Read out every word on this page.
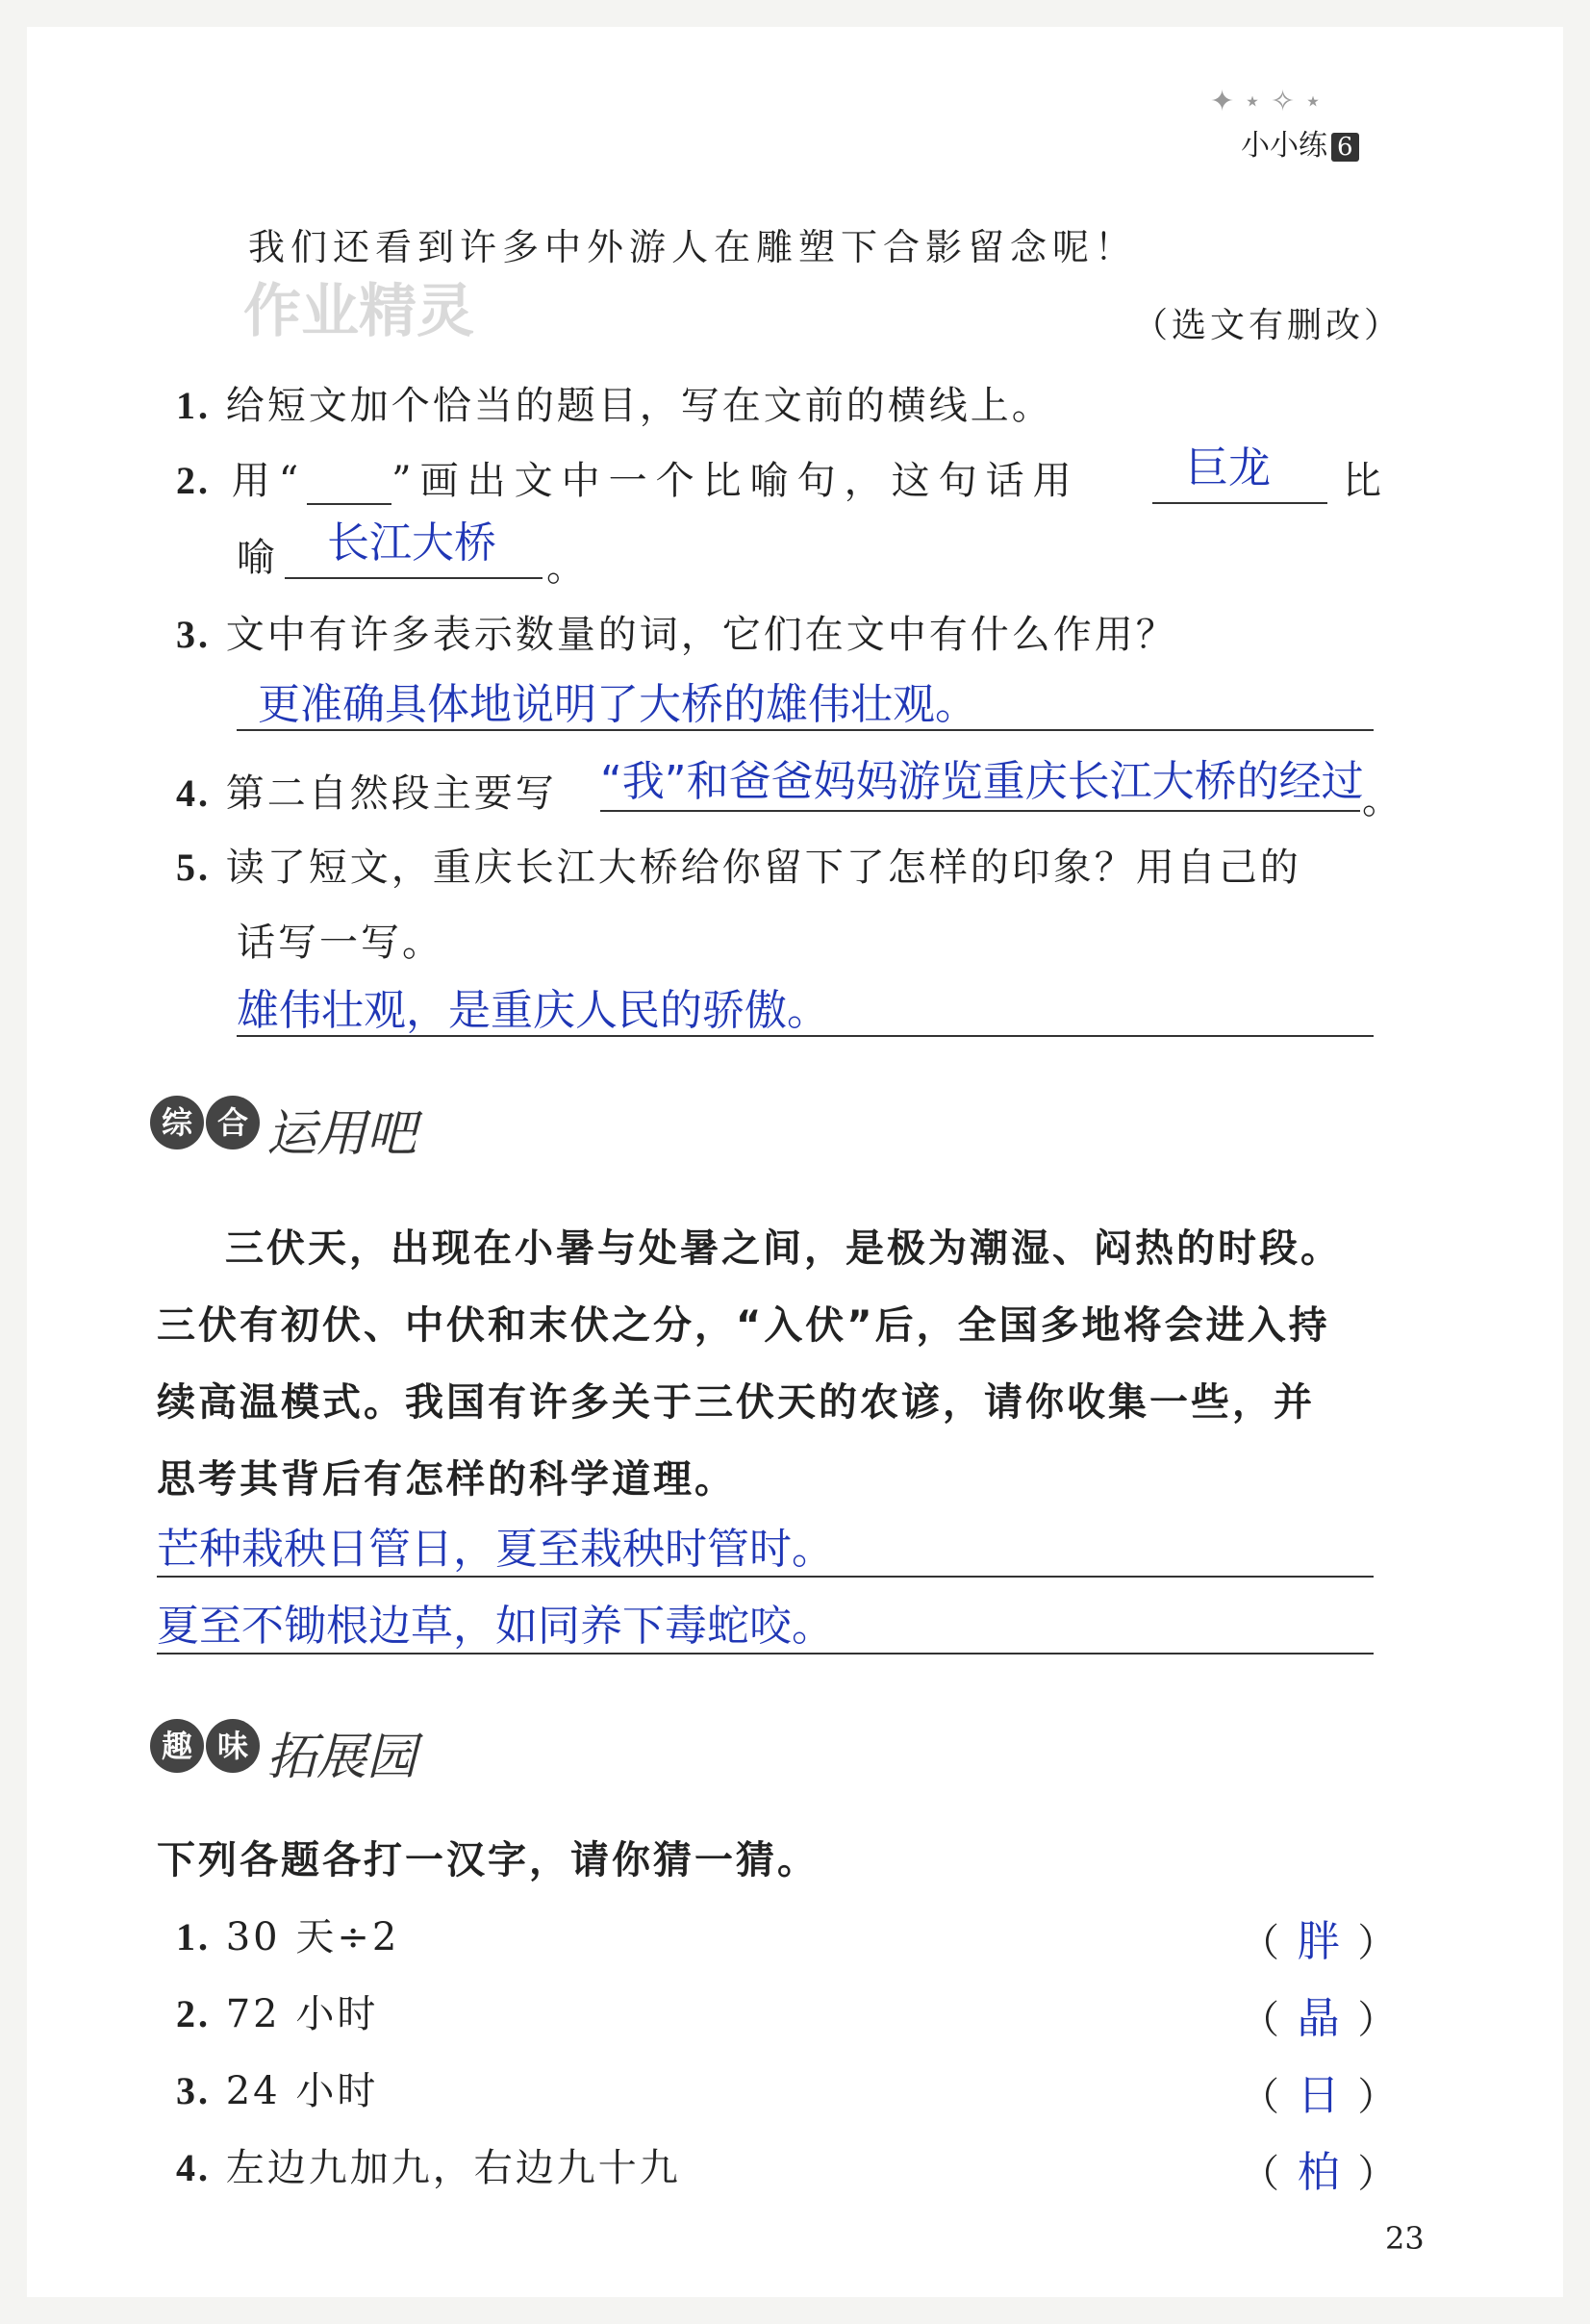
✦ ⋆ ✧ ⋆
小小练 6
我们还看到许多中外游人在雕塑下合影留念呢！
作业精灵	（选文有删改）
1. 给短文加个恰当的题目，写在文前的横线上。
2. 用“ ”画出文中一个比喻句，这句话用	巨龙 比
喻 长江大桥 。
3. 文中有许多表示数量的词，它们在文中有什么作用？
更准确具体地说明了大桥的雄伟壮观。
4. 第二自然段主要写 “我”和爸爸妈妈游览重庆长江大桥的经过
。
5. 读了短文，重庆长江大桥给你留下了怎样的印象？用自己的
话写一写。
雄伟壮观，是重庆人民的骄傲。
综 合 运用吧
三伏天，出现在小暑与处暑之间，是极为潮湿、闷热的时段。
三伏有初伏、中伏和末伏之分，“入伏”后，全国多地将会进入持
续高温模式。我国有许多关于三伏天的农谚，请你收集一些，并
思考其背后有怎样的科学道理。
芒种栽秧日管日，夏至栽秧时管时。
夏至不锄根边草，如同养下毒蛇咬。
趣 味 拓展园
下列各题各打一汉字，请你猜一猜。
1. 30 天÷2	（ 胖 ）
2. 72 小时	（ 晶 ）
3. 24 小时	（ 日 ）
4. 左边九加九，右边九十九	（ 柏 ）
23
